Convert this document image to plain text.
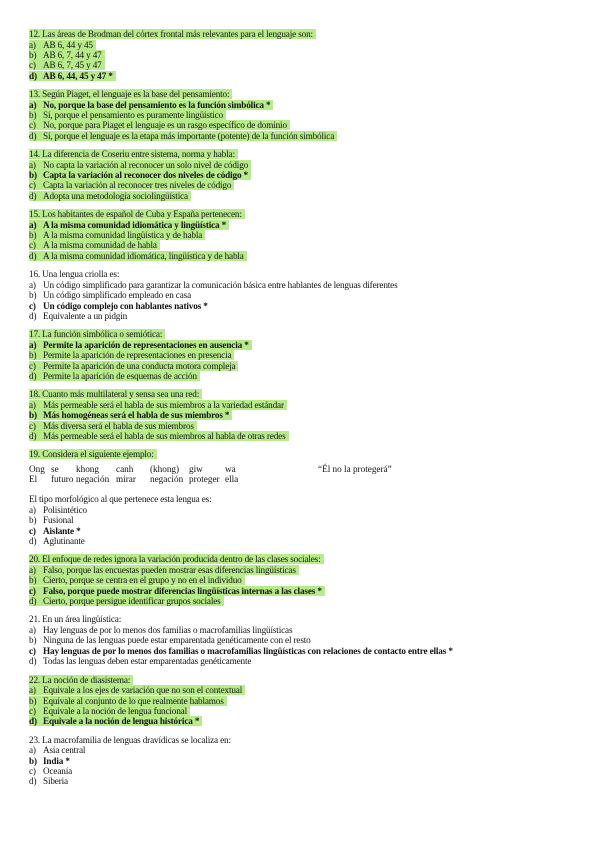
12. Las áreas de Brodman del córtex frontal más relevantes para el lenguaje son:
a) AB 6, 44 y 45
b) AB 6, 7, 44 y 47
c) AB 6, 7, 45 y 47
d) AB 6, 44, 45 y 47 *
13. Según Piaget, el lenguaje es la base del pensamiento:
a) No, porque la base del pensamiento es la función simbólica *
b) Sí, porque el pensamiento es puramente lingüístico
c) No, porque para Piaget el lenguaje es un rasgo específico de dominio
d) Sí, porque el lenguaje es la etapa más importante (potente) de la función simbólica
14. La diferencia de Coseriu entre sistema, norma y habla:
a) No capta la variación al reconocer un solo nivel de código
b) Capta la variación al reconocer dos niveles de código *
c) Capta la variación al reconocer tres niveles de código
d) Adopta una metodología sociolingüística
15. Los habitantes de español de Cuba y España pertenecen:
a) A la misma comunidad idiomática y lingüística *
b) A la misma comunidad lingüística y de habla
c) A la misma comunidad de habla
d) A la misma comunidad idiomática, lingüística y de habla
16. Una lengua criolla es:
a) Un código simplificado para garantizar la comunicación básica entre hablantes de lenguas diferentes
b) Un código simplificado empleado en casa
c) Un código complejo con hablantes nativos *
d) Equivalente a un pidgin
17. La función simbólica o semiótica:
a) Permite la aparición de representaciones en ausencia *
b) Permite la aparición de representaciones en presencia
c) Permite la aparición de una conducta motora compleja
d) Permite la aparición de esquemas de acción
18. Cuanto más multilateral y sensa sea una red:
a) Más permeable será el habla de sus miembros a la variedad estándar
b) Más homogéneas será el habla de sus miembros *
c) Más diversa será el habla de sus miembros
d) Más permeable será el habla de sus miembros al habla de otras redes
19. Considera el siguiente ejemplo:
“Él no la protegerá”
Ong
El
se
futuro
khong
negación
canh
mirar
(khong)
negación
giw
proteger
wa
ella
El tipo morfológico al que pertenece esta lengua es:
a) Polisintético
b) Fusional
c) Aislante *
d) Aglutinante
20. El enfoque de redes ignora la variación producida dentro de las clases sociales:
a) Falso, porque las encuestas pueden mostrar esas diferencias lingüísticas
b) Cierto, porque se centra en el grupo y no en el individuo
c) Falso, porque puede mostrar diferencias lingüísticas internas a las clases *
d) Cierto, porque persigue identificar grupos sociales
21. En un área lingüística:
a) Hay lenguas de por lo menos dos familias o macrofamilias lingüísticas
b) Ninguna de las lenguas puede estar emparentada genéticamente con el resto
c) Hay lenguas de por lo menos dos familias o macrofamilias lingüísticas con relaciones de contacto entre ellas *
d) Todas las lenguas deben estar emparentadas genéticamente
22. La noción de diasistema:
a) Equivale a los ejes de variación que no son el contextual
b) Equivale al conjunto de lo que realmente hablamos
c) Equivale a la noción de lengua funcional
d) Equivale a la noción de lengua histórica *
23. La macrofamilia de lenguas dravídicas se localiza en:
a) Asia central
b) India *
c) Oceanía
d) Siberia
